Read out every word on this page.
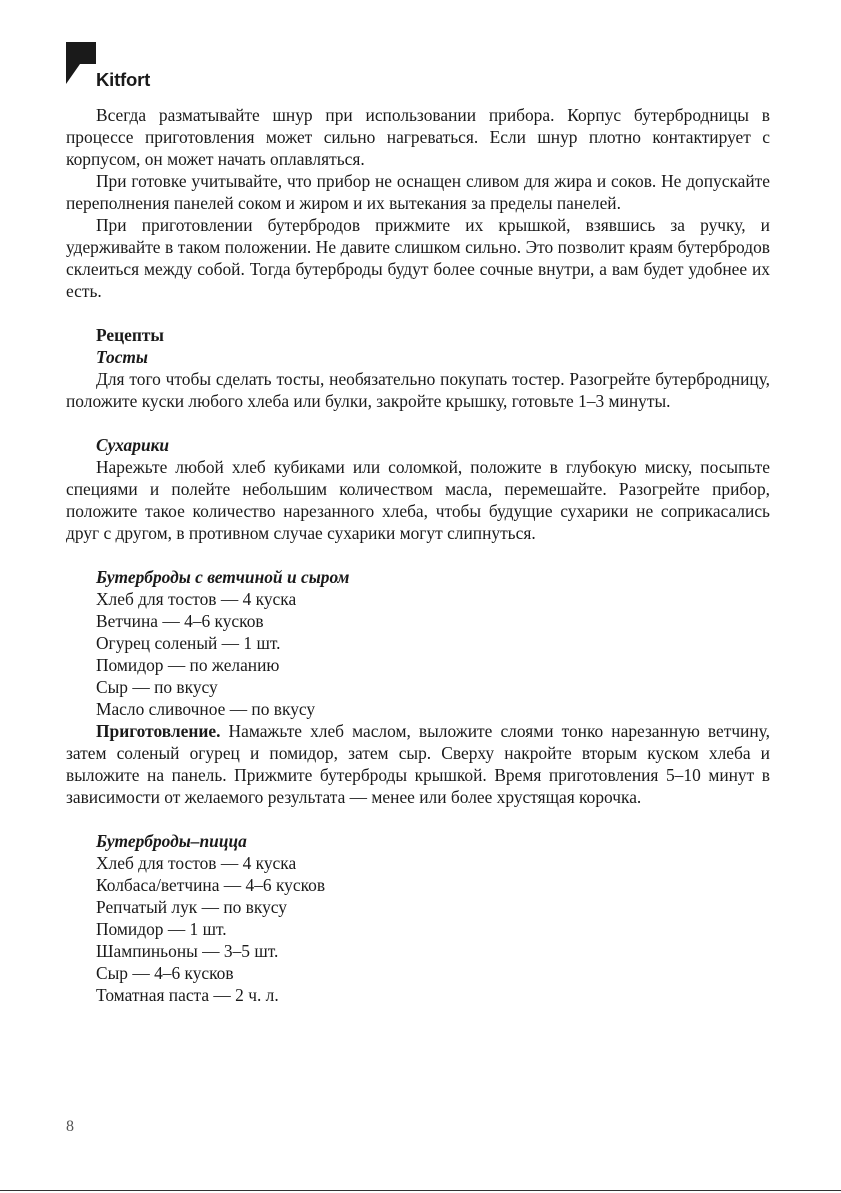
Kitfort

Всегда разматывайте шнур при использовании прибора. Корпус бутербродницы в процессе приготовления может сильно нагреваться. Если шнур плотно контактирует с корпусом, он может начать оплавляться.

При готовке учитывайте, что прибор не оснащен сливом для жира и соков. Не допускайте переполнения панелей соком и жиром и их вытекания за пределы панелей.

При приготовлении бутербродов прижмите их крышкой, взявшись за ручку, и удерживайте в таком положении. Не давите слишком сильно. Это позволит краям бутербродов склеиться между собой. Тогда бутерброды будут более сочные внутри, а вам будет удобнее их есть.

Рецепты
Тосты

Для того чтобы сделать тосты, необязательно покупать тостер. Разогрейте бутербродницу, положите куски любого хлеба или булки, закройте крышку, готовьте 1–3 минуты.

Сухарики

Нарежьте любой хлеб кубиками или соломкой, положите в глубокую миску, посыпьте специями и полейте небольшим количеством масла, перемешайте. Разогрейте прибор, положите такое количество нарезанного хлеба, чтобы будущие сухарики не соприкасались друг с другом, в противном случае сухарики могут слипнуться.

Бутерброды с ветчиной и сыром
Хлеб для тостов — 4 куска
Ветчина — 4–6 кусков
Огурец соленый — 1 шт.
Помидор — по желанию
Сыр — по вкусу
Масло сливочное — по вкусу

Приготовление. Намажьте хлеб маслом, выложите слоями тонко нарезанную ветчину, затем соленый огурец и помидор, затем сыр. Сверху накройте вторым куском хлеба и выложите на панель. Прижмите бутерброды крышкой. Время приготовления 5–10 минут в зависимости от желаемого результата — менее или более хрустящая корочка.

Бутерброды–пицца
Хлеб для тостов — 4 куска
Колбаса/ветчина — 4–6 кусков
Репчатый лук — по вкусу
Помидор — 1 шт.
Шампиньоны — 3–5 шт.
Сыр — 4–6 кусков
Томатная паста — 2 ч. л.
8
